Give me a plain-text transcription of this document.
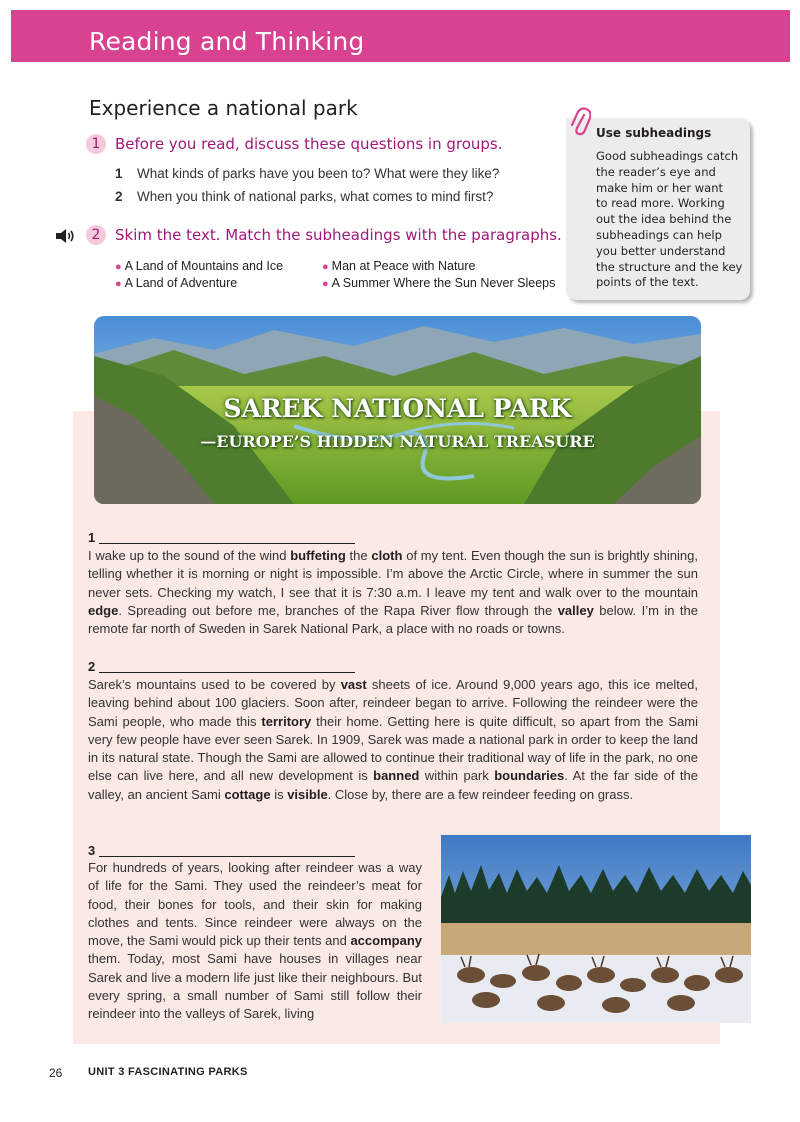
Reading and Thinking
Experience a national park
1 Before you read, discuss these questions in groups.
1 What kinds of parks have you been to? What were they like?
2 When you think of national parks, what comes to mind first?
2 Skim the text. Match the subheadings with the paragraphs.
● A Land of Mountains and Ice
● A Land of Adventure
● Man at Peace with Nature
● A Summer Where the Sun Never Sleeps
Use subheadings
Good subheadings catch
the reader’s eye and
make him or her want
to read more. Working
out the idea behind the
subheadings can help
you better understand
the structure and the key
points of the text.
SAREK NATIONAL PARK
—EUROPE’S HIDDEN NATURAL TREASURE
1
I wake up to the sound of the wind buffeting the cloth of my tent. Even though the sun is brightly shining, telling whether it is morning or night is impossible. I’m above the Arctic Circle, where in summer the sun never sets. Checking my watch, I see that it is 7:30 a.m. I leave my tent and walk over to the mountain edge. Spreading out before me, branches of the Rapa River flow through the valley below. I’m in the remote far north of Sweden in Sarek National Park, a place with no roads or towns.
2
Sarek’s mountains used to be covered by vast sheets of ice. Around 9,000 years ago, this ice melted, leaving behind about 100 glaciers. Soon after, reindeer began to arrive. Following the reindeer were the Sami people, who made this territory their home. Getting here is quite difficult, so apart from the Sami very few people have ever seen Sarek. In 1909, Sarek was made a national park in order to keep the land in its natural state. Though the Sami are allowed to continue their traditional way of life in the park, no one else can live here, and all new development is banned within park boundaries. At the far side of the valley, an ancient Sami cottage is visible. Close by, there are a few reindeer feeding on grass.
3
For hundreds of years, looking after reindeer was a way of life for the Sami. They used the reindeer’s meat for food, their bones for tools, and their skin for making clothes and tents. Since reindeer were always on the move, the Sami would pick up their tents and accompany them. Today, most Sami have houses in villages near Sarek and live a modern life just like their neighbours. But every spring, a small number of Sami still follow their reindeer into the valleys of Sarek, living
26 UNIT 3 FASCINATING PARKS
